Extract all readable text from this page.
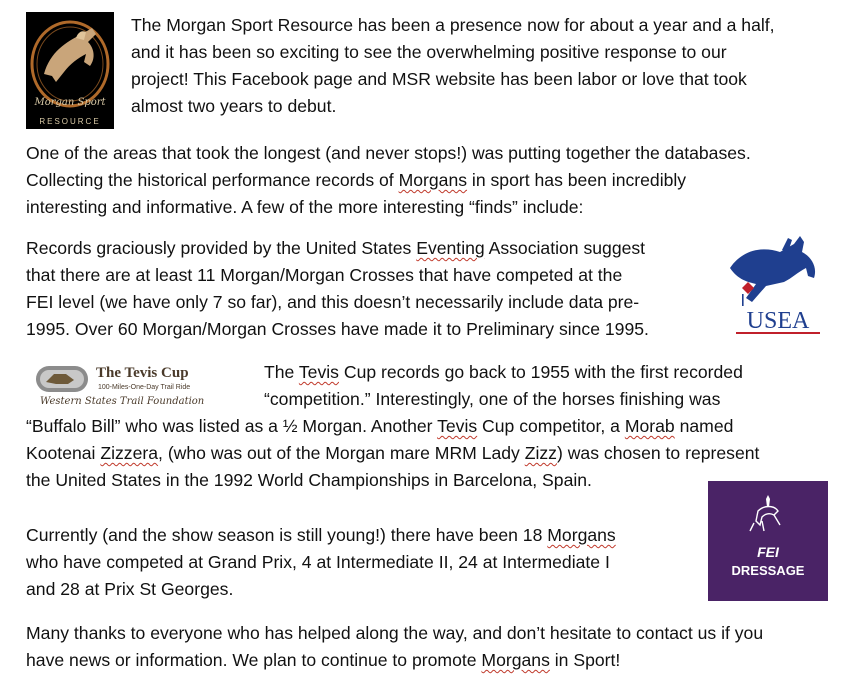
Morgan Sport
RESOURCE
The Morgan Sport Resource has been a presence now for about a year and a half,
and it has been so exciting to see the overwhelming positive response to our
project! This Facebook page and MSR website has been labor or love that took
almost two years to debut.
One of the areas that took the longest (and never stops!) was putting together the databases.
Collecting the historical performance records of Morgans in sport has been incredibly
interesting and informative. A few of the more interesting “finds” include:
Records graciously provided by the United States Eventing Association suggest
that there are at least 11 Morgan/Morgan Crosses that have competed at the
FEI level (we have only 7 so far), and this doesn’t necessarily include data pre-
1995. Over 60 Morgan/Morgan Crosses have made it to Preliminary since 1995.	USEA
The Tevis Cup
100-Miles-One-Day Trail Ride
Western States Trail Foundation
The Tevis Cup records go back to 1955 with the first recorded
“competition.” Interestingly, one of the horses finishing was
“Buffalo Bill” who was listed as a ½ Morgan. Another Tevis Cup competitor, a Morab named
Kootenai Zizzera, (who was out of the Morgan mare MRM Lady Zizz) was chosen to represent
the United States in the 1992 World Championships in Barcelona, Spain.
FEI
DRESSAGE
Currently (and the show season is still young!) there have been 18 Morgans
who have competed at Grand Prix, 4 at Intermediate II, 24 at Intermediate I
and 28 at Prix St Georges.
Many thanks to everyone who has helped along the way, and don’t hesitate to contact us if you
have news or information. We plan to continue to promote Morgans in Sport!
